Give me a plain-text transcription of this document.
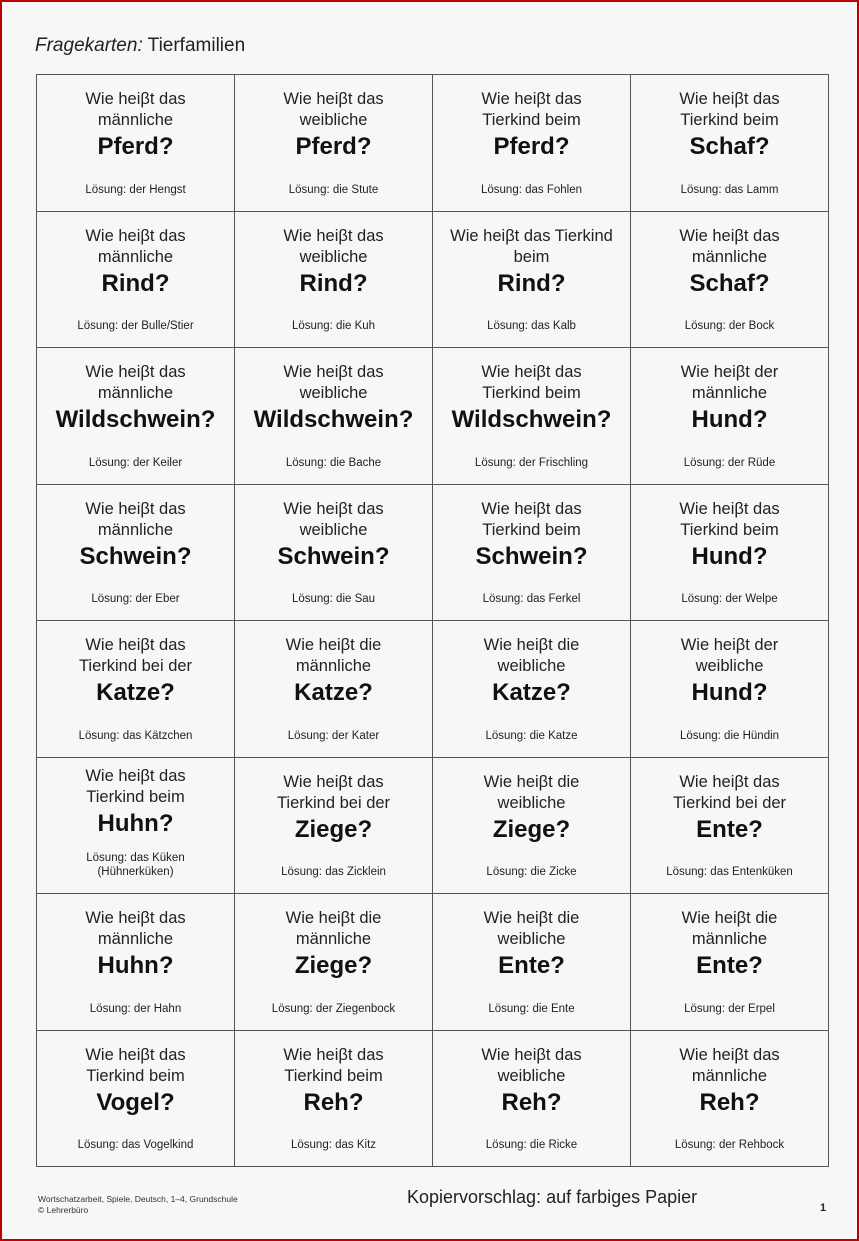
Fragekarten: Tierfamilien
Wie heiβt das
männliche
Pferd?
Lösung: der Hengst
Wie heiβt das
weibliche
Pferd?
Lösung: die Stute
Wie heiβt das
Tierkind beim
Pferd?
Lösung: das Fohlen
Wie heiβt das
Tierkind beim
Schaf?
Lösung: das Lamm
Wie heiβt das
männliche
Rind?
Lösung: der Bulle/Stier
Wie heiβt das
weibliche
Rind?
Lösung: die Kuh
Wie heiβt das Tierkind
beim
Rind?
Lösung: das Kalb
Wie heiβt das
männliche
Schaf?
Lösung: der Bock
Wie heiβt das
männliche
Wildschwein?
Lösung: der Keiler
Wie heiβt das
weibliche
Wildschwein?
Lösung: die Bache
Wie heiβt das
Tierkind beim
Wildschwein?
Lösung: der Frischling
Wie heiβt der
männliche
Hund?
Lösung: der Rüde
Wie heiβt das
männliche
Schwein?
Lösung: der Eber
Wie heiβt das
weibliche
Schwein?
Lösung: die Sau
Wie heiβt das
Tierkind beim
Schwein?
Lösung: das Ferkel
Wie heiβt das
Tierkind beim
Hund?
Lösung: der Welpe
Wie heiβt das
Tierkind bei der
Katze?
Lösung: das Kätzchen
Wie heiβt die
männliche
Katze?
Lösung: der Kater
Wie heiβt die
weibliche
Katze?
Lösung: die Katze
Wie heiβt der
weibliche
Hund?
Lösung: die Hündin
Wie heiβt das
Tierkind beim
Huhn?
Lösung: das Küken
(Hühnerküken)
Wie heiβt das
Tierkind bei der
Ziege?
Lösung: das Zicklein
Wie heiβt die
weibliche
Ziege?
Lösung: die Zicke
Wie heiβt das
Tierkind bei der
Ente?
Lösung: das Entenküken
Wie heiβt das
männliche
Huhn?
Lösung: der Hahn
Wie heiβt die
männliche
Ziege?
Lösung: der Ziegenbock
Wie heiβt die
weibliche
Ente?
Lösung: die Ente
Wie heiβt die
männliche
Ente?
Lösung: der Erpel
Wie heiβt das
Tierkind beim
Vogel?
Lösung: das Vogelkind
Wie heiβt das
Tierkind beim
Reh?
Lösung: das Kitz
Wie heiβt das
weibliche
Reh?
Lösung: die Ricke
Wie heiβt das
männliche
Reh?
Lösung: der Rehbock
Wortschatzarbeit, Spiele, Deutsch, 1–4, Grundschule
© Lehrerbüro
Kopiervorschlag: auf farbiges Papier
1
